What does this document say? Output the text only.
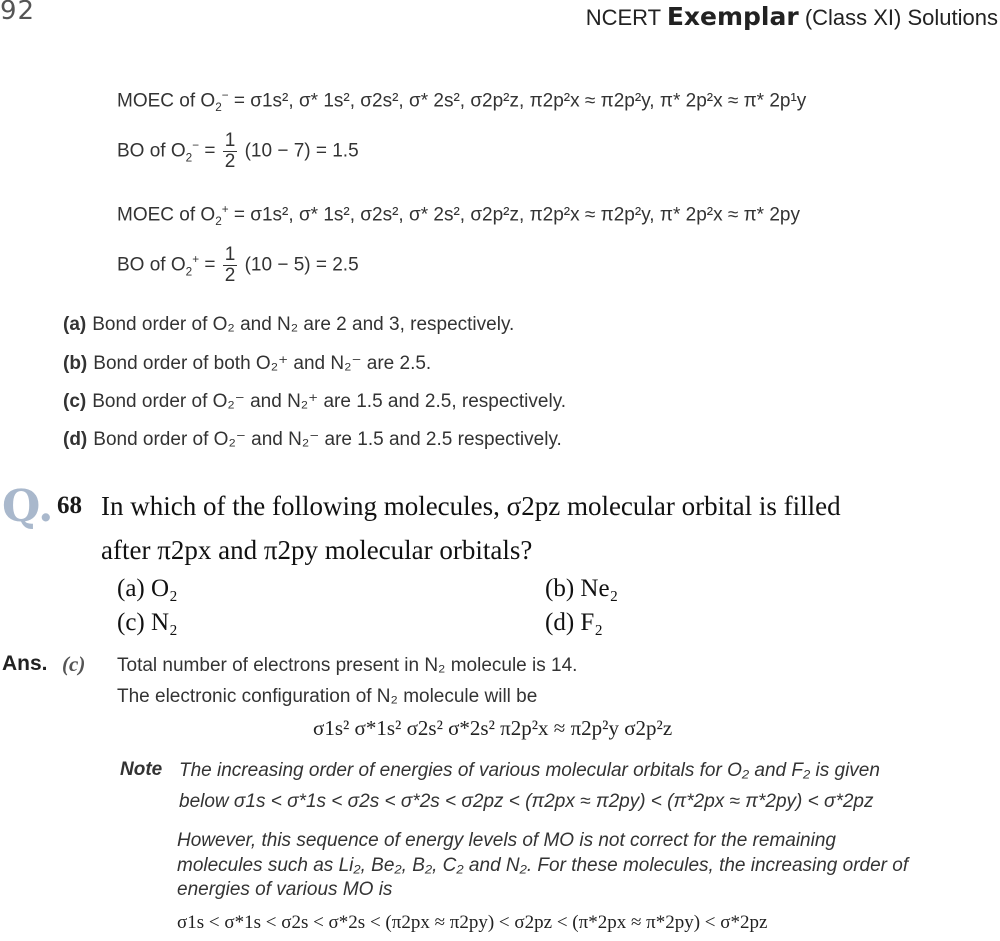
92	NCERT Exemplar (Class XI) Solutions
MOEC of $O_2^- = \sigma 1s^2$, σ* 1s², σ2s², σ* 2s², σ2p²z, π2p²x ≈ π2p²y, π* 2p²x ≈ π* 2p¹y
BO of $O_2^- = \frac{1}{2} (10 - 7) = 1.5$
MOEC of $O_2^+ = \sigma 1s^2$, σ* 1s², σ2s², σ* 2s², σ2p²z, π2p²x ≈ π2p²y, π* 2p²x ≈ π* 2py
BO of $O_2^+ = \frac{1}{2} (10 - 5) = 2.5$
(a) Bond order of O₂ and N₂ are 2 and 3, respectively.
(b) Bond order of both O₂⁺ and N₂⁻ are 2.5.
(c) Bond order of O₂⁻ and N₂⁺ are 1.5 and 2.5, respectively.
(d) Bond order of O₂⁻ and N₂⁻ are 1.5 and 2.5 respectively.
Q. 68 In which of the following molecules, σ2pz molecular orbital is filled
after π2px and π2py molecular orbitals?
(a) O₂	(b) Ne₂
(c) N₂	(d) F₂
Ans. (c) Total number of electrons present in N₂ molecule is 14.
The electronic configuration of N₂ molecule will be
σ1s² σ*1s² σ2s² σ*2s² π2p²x ≈ π2p²y σ2p²z
Note The increasing order of energies of various molecular orbitals for O₂ and F₂ is given
below σ1s < σ*1s < σ2s < σ*2s < σ2pz < (π2px ≈ π2py) < (π*2px ≈ π*2py) < σ*2pz
However, this sequence of energy levels of MO is not correct for the remaining
molecules such as Li₂, Be₂, B₂, C₂ and N₂. For these molecules, the increasing order of
energies of various MO is
σ1s < σ*1s < σ2s < σ*2s < (π2px ≈ π2py) < σ2pz < (π*2px ≈ π*2py) < σ*2pz
